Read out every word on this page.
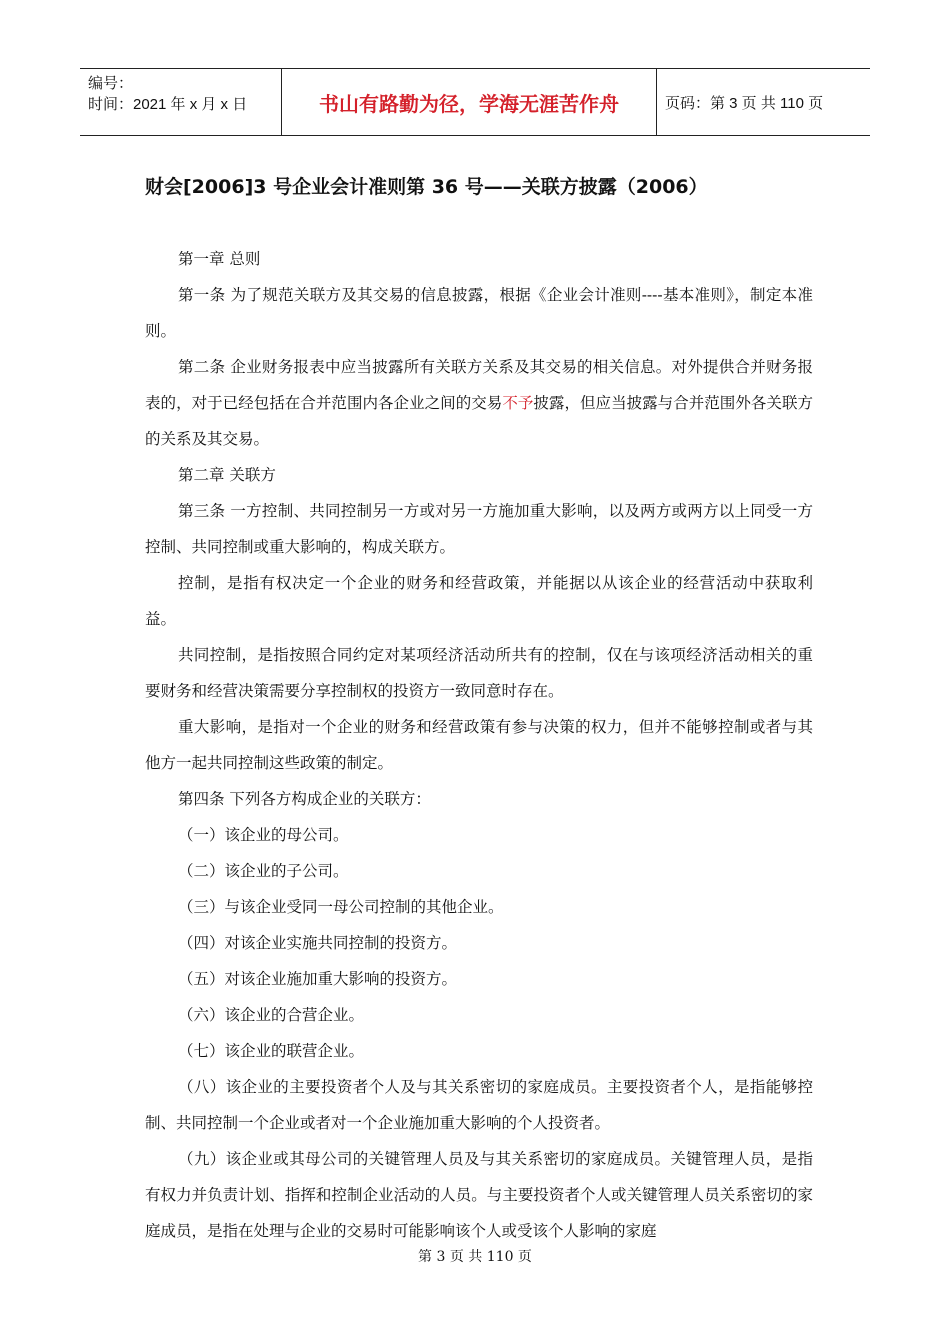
编号：
时间：2021 年 x 月 x 日	书山有路勤为径，学海无涯苦作舟	页码：第 3 页 共 110 页
财会[2006]3 号企业会计准则第 36 号——关联方披露（2006）

第一章 总则

第一条 为了规范关联方及其交易的信息披露，根据《企业会计准则----基本准则》，制定本准则。

第二条 企业财务报表中应当披露所有关联方关系及其交易的相关信息。对外提供合并财务报表的，对于已经包括在合并范围内各企业之间的交易不予披露，但应当披露与合并范围外各关联方的关系及其交易。

第二章 关联方

第三条 一方控制、共同控制另一方或对另一方施加重大影响，以及两方或两方以上同受一方控制、共同控制或重大影响的，构成关联方。

控制，是指有权决定一个企业的财务和经营政策，并能据以从该企业的经营活动中获取利益。

共同控制，是指按照合同约定对某项经济活动所共有的控制，仅在与该项经济活动相关的重要财务和经营决策需要分享控制权的投资方一致同意时存在。

重大影响，是指对一个企业的财务和经营政策有参与决策的权力，但并不能够控制或者与其他方一起共同控制这些政策的制定。

第四条 下列各方构成企业的关联方：

（一）该企业的母公司。

（二）该企业的子公司。

（三）与该企业受同一母公司控制的其他企业。

（四）对该企业实施共同控制的投资方。

（五）对该企业施加重大影响的投资方。

（六）该企业的合营企业。

（七）该企业的联营企业。

（八）该企业的主要投资者个人及与其关系密切的家庭成员。主要投资者个人，是指能够控制、共同控制一个企业或者对一个企业施加重大影响的个人投资者。

（九）该企业或其母公司的关键管理人员及与其关系密切的家庭成员。关键管理人员，是指有权力并负责计划、指挥和控制企业活动的人员。与主要投资者个人或关键管理人员关系密切的家庭成员，是指在处理与企业的交易时可能影响该个人或受该个人影响的家庭

第 3 页 共 110 页
